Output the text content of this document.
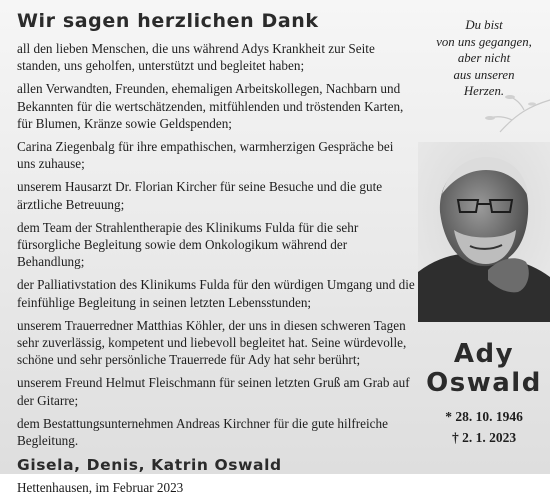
Wir sagen herzlichen Dank

all den lieben Menschen, die uns während Adys Krankheit zur Seite standen, uns geholfen, unterstützt und begleitet haben;

allen Verwandten, Freunden, ehemaligen Arbeitskollegen, Nachbarn und Bekannten für die wertschätzenden, mitfühlenden und tröstenden Karten, für Blumen, Kränze sowie Geldspenden;

Carina Ziegenbalg für ihre empathischen, warmherzigen Gespräche bei uns zuhause;

unserem Hausarzt Dr. Florian Kircher für seine Besuche und die gute ärztliche Betreuung;

dem Team der Strahlentherapie des Klinikums Fulda für die sehr fürsorgliche Begleitung sowie dem Onkologikum während der Behandlung;

der Palliativstation des Klinikums Fulda für den würdigen Umgang und die feinfühlige Begleitung in seinen letzten Lebensstunden;

unserem Trauerredner Matthias Köhler, der uns in diesen schweren Tagen sehr zuverlässig, kompetent und liebevoll begleitet hat. Seine würdevolle, schöne und sehr persönliche Trauerrede für Ady hat sehr berührt;

unserem Freund Helmut Fleischmann für seinen letzten Gruß am Grab auf der Gitarre;

dem Bestattungsunternehmen Andreas Kirchner für die gute hilfreiche Begleitung.

Gisela, Denis, Katrin Oswald
Hettenhausen, im Februar 2023
Du bist
von uns gegangen,
aber nicht
aus unseren
Herzen.
Ady
Oswald
* 28. 10. 1946
† 2. 1. 2023
